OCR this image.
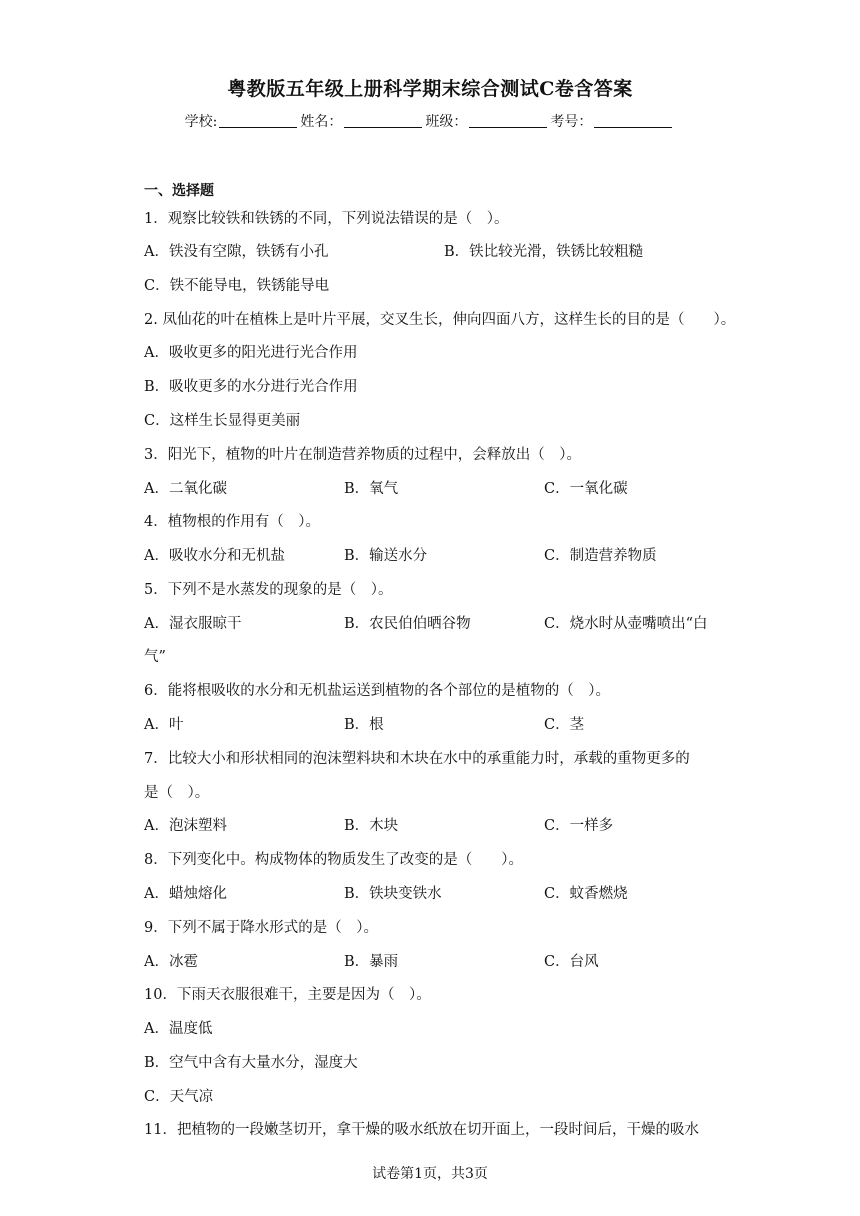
粤教版五年级上册科学期末综合测试C卷含答案
学校:	姓名：	班级：	考号：
一、选择题
1．观察比较铁和铁锈的不同，下列说法错误的是（　）。
A．铁没有空隙，铁锈有小孔	B．铁比较光滑，铁锈比较粗糙
C．铁不能导电，铁锈能导电
2. 凤仙花的叶在植株上是叶片平展，交叉生长，伸向四面八方，这样生长的目的是（　　）。
A．吸收更多的阳光进行光合作用
B．吸收更多的水分进行光合作用
C．这样生长显得更美丽
3．阳光下，植物的叶片在制造营养物质的过程中，会释放出（　）。
A．二氧化碳	B．氧气	C．一氧化碳
4．植物根的作用有（　）。
A．吸收水分和无机盐	B．输送水分	C．制造营养物质
5．下列不是水蒸发的现象的是（　）。
A．湿衣服晾干	B．农民伯伯晒谷物	C．烧水时从壶嘴喷出“白
气”
6．能将根吸收的水分和无机盐运送到植物的各个部位的是植物的（　）。
A．叶	B．根	C．茎
7．比较大小和形状相同的泡沫塑料块和木块在水中的承重能力时，承载的重物更多的
是（　）。
A．泡沫塑料	B．木块	C．一样多
8．下列变化中。构成物体的物质发生了改变的是（　　）。
A．蜡烛熔化	B．铁块变铁水	C．蚊香燃烧
9．下列不属于降水形式的是（　）。
A．冰雹	B．暴雨	C．台风
10．下雨天衣服很难干，主要是因为（　）。
A．温度低
B．空气中含有大量水分，湿度大
C．天气凉
11．把植物的一段嫩茎切开，拿干燥的吸水纸放在切开面上，一段时间后，干燥的吸水
试卷第1页，共3页
